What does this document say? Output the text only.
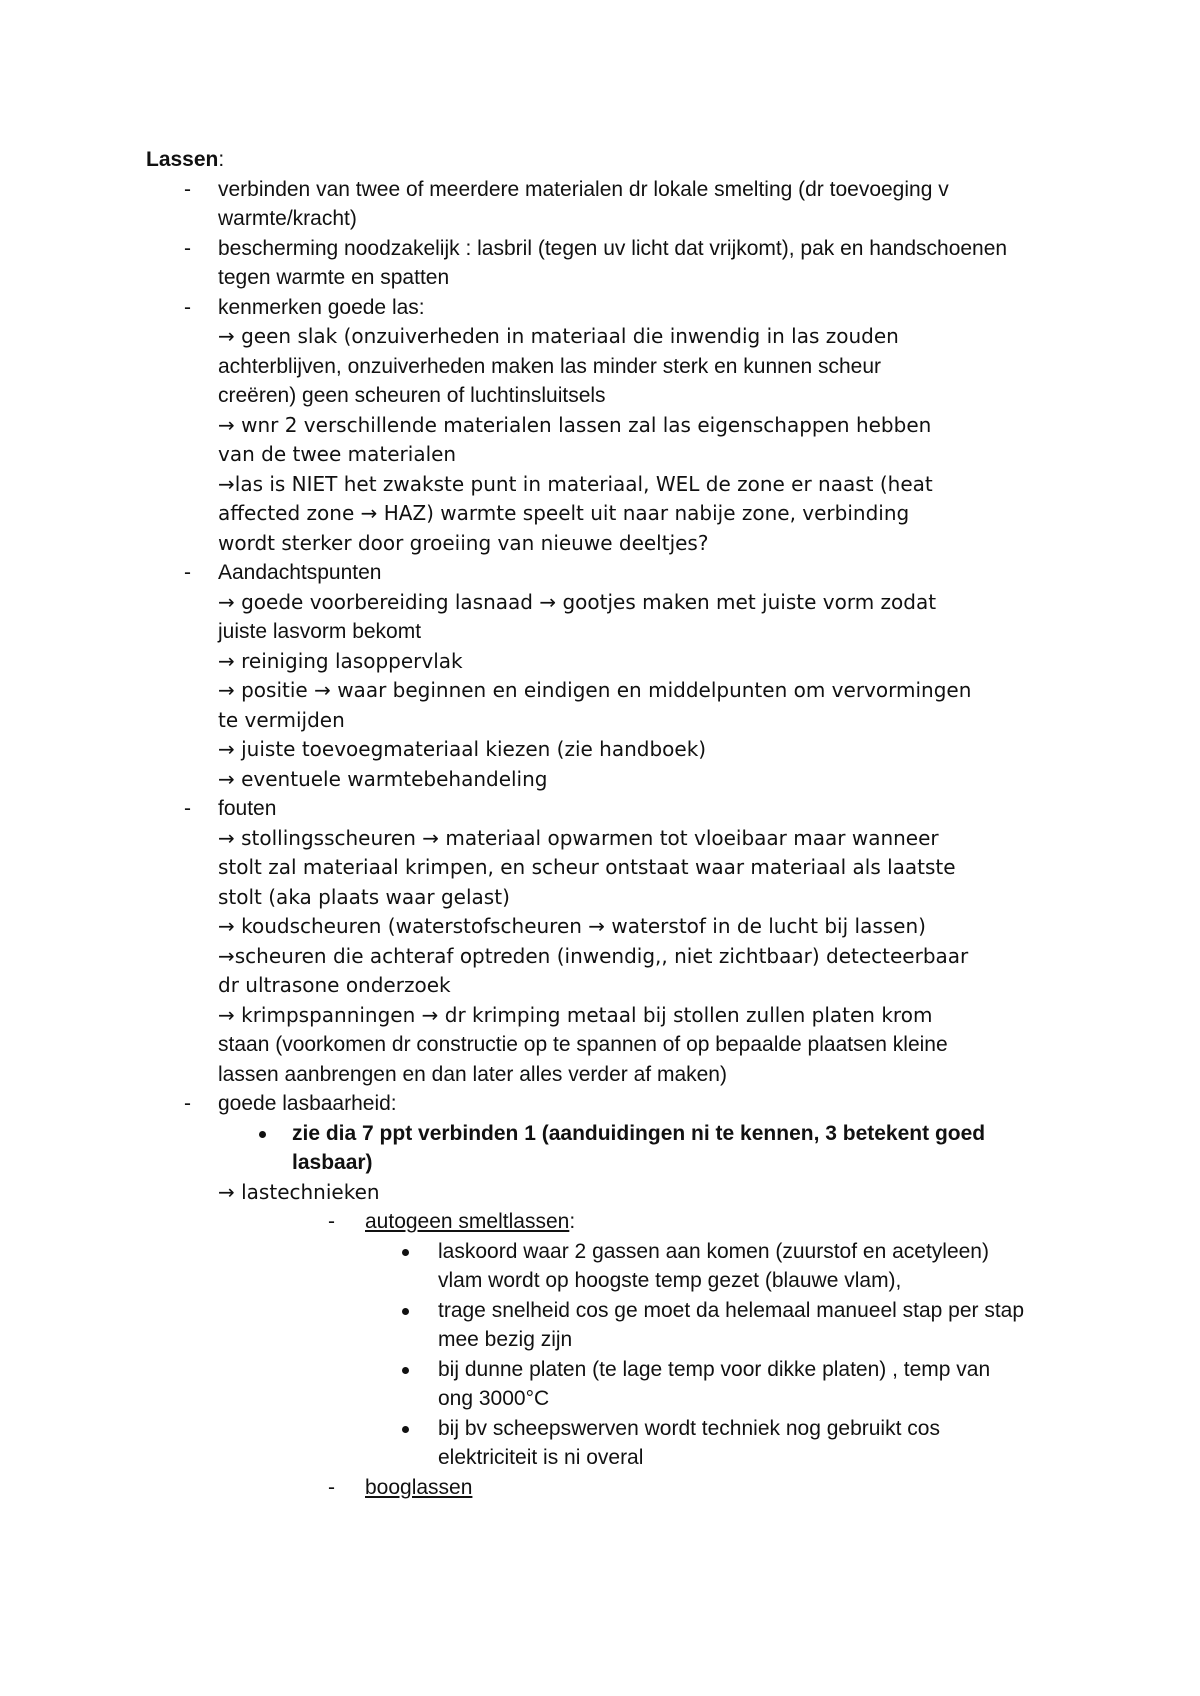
Lassen:
- verbinden van twee of meerdere materialen dr lokale smelting (dr toevoeging v
warmte/kracht)
- bescherming noodzakelijk : lasbril (tegen uv licht dat vrijkomt), pak en handschoenen
tegen warmte en spatten
- kenmerken goede las:
→ geen slak (onzuiverheden in materiaal die inwendig in las zouden
achterblijven, onzuiverheden maken las minder sterk en kunnen scheur
creëren) geen scheuren of luchtinsluitsels
→ wnr 2 verschillende materialen lassen zal las eigenschappen hebben
van de twee materialen
→las is NIET het zwakste punt in materiaal, WEL de zone er naast (heat
affected zone → HAZ) warmte speelt uit naar nabije zone, verbinding
wordt sterker door groeiing van nieuwe deeltjes?
- Aandachtspunten
→ goede voorbereiding lasnaad → gootjes maken met juiste vorm zodat
juiste lasvorm bekomt
→ reiniging lasoppervlak
→ positie → waar beginnen en eindigen en middelpunten om vervormingen
te vermijden
→ juiste toevoegmateriaal kiezen (zie handboek)
→ eventuele warmtebehandeling
- fouten
→ stollingsscheuren → materiaal opwarmen tot vloeibaar maar wanneer
stolt zal materiaal krimpen, en scheur ontstaat waar materiaal als laatste
stolt (aka plaats waar gelast)
→ koudscheuren (waterstofscheuren → waterstof in de lucht bij lassen)
→scheuren die achteraf optreden (inwendig,, niet zichtbaar) detecteerbaar
dr ultrasone onderzoek
→ krimpspanningen → dr krimping metaal bij stollen zullen platen krom
staan (voorkomen dr constructie op te spannen of op bepaalde plaatsen kleine
lassen aanbrengen en dan later alles verder af maken)
- goede lasbaarheid:
zie dia 7 ppt verbinden 1 (aanduidingen ni te kennen, 3 betekent goed
lasbaar)
→ lastechnieken
- autogeen smeltlassen:
laskoord waar 2 gassen aan komen (zuurstof en acetyleen)
vlam wordt op hoogste temp gezet (blauwe vlam),
trage snelheid cos ge moet da helemaal manueel stap per stap
mee bezig zijn
bij dunne platen (te lage temp voor dikke platen) , temp van
ong 3000°C
bij bv scheepswerven wordt techniek nog gebruikt cos
elektriciteit is ni overal
- booglassen
